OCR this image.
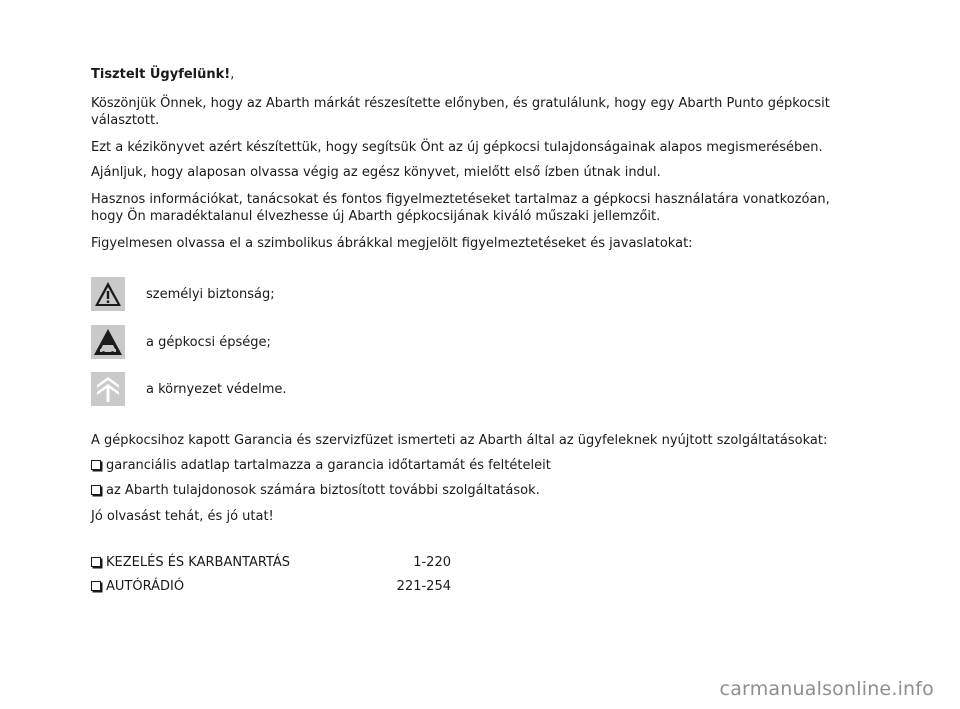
Tisztelt Ügyfelünk!,

Köszönjük Önnek, hogy az Abarth márkát részesítette előnyben, és gratulálunk, hogy egy Abarth Punto gépkocsit választott.

Ezt a kézikönyvet azért készítettük, hogy segítsük Önt az új gépkocsi tulajdonságainak alapos megismerésében.

Ajánljuk, hogy alaposan olvassa végig az egész könyvet, mielőtt első ízben útnak indul.

Hasznos információkat, tanácsokat és fontos figyelmeztetéseket tartalmaz a gépkocsi használatára vonatkozóan, hogy Ön maradéktalanul élvezhesse új Abarth gépkocsijának kiváló műszaki jellemzőit.

Figyelmesen olvassa el a szimbolikus ábrákkal megjelölt figyelmeztetéseket és javaslatokat:

személyi biztonság;
a gépkocsi épsége;
a környezet védelme.

A gépkocsihoz kapott Garancia és szervizfüzet ismerteti az Abarth által az ügyfeleknek nyújtott szolgáltatásokat:

garanciális adatlap tartalmazza a garancia időtartamát és feltételeit

az Abarth tulajdonosok számára biztosított további szolgáltatások.

Jó olvasást tehát, és jó utat!

KEZELÉS ÉS KARBANTARTÁS	1-220
AUTÓRÁDIÓ	221-254
carmanualsonline.info
